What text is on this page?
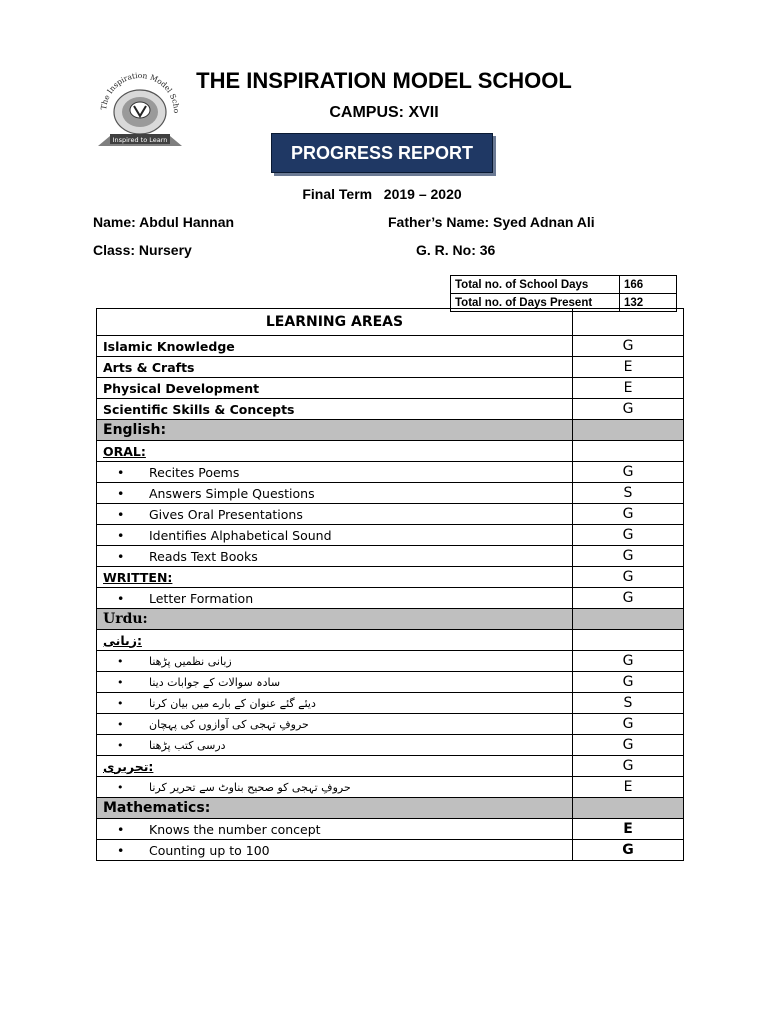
The Inspiration Model Scho
Inspired to Learn
THE INSPIRATION MODEL SCHOOL
CAMPUS: XVII
PROGRESS REPORT
Final Term   2019 – 2020
Name: Abdul Hannan	Father’s Name: Syed Adnan Ali
Class: Nursery	G. R. No: 36
Total no. of School Days	166
Total no. of Days Present	132
LEARNING AREAS	
Islamic Knowledge	G
Arts & Crafts	E
Physical Development	E
Scientific Skills & Concepts	G
English:	
ORAL:	
• Recites Poems	G
• Answers Simple Questions	S
• Gives Oral Presentations	G
• Identifies Alphabetical Sound	G
• Reads Text Books	G
WRITTEN:	G
• Letter Formation	G
Urdu:	
زبانی:	
• زبانی نظمیں پڑھنا	G
• سادہ سوالات کے جوابات دینا	G
• دیئے گئے عنوان کے بارے میں بیان کرنا	S
• حروفِ تہجی کی آوازوں کی پہچان	G
• درسی کتب پڑھنا	G
تحریری:	G
• حروفِ تہجی کو صحیح بناوٹ سے تحریر کرنا	E
Mathematics:	
• Knows the number concept	E
• Counting up to 100	G
